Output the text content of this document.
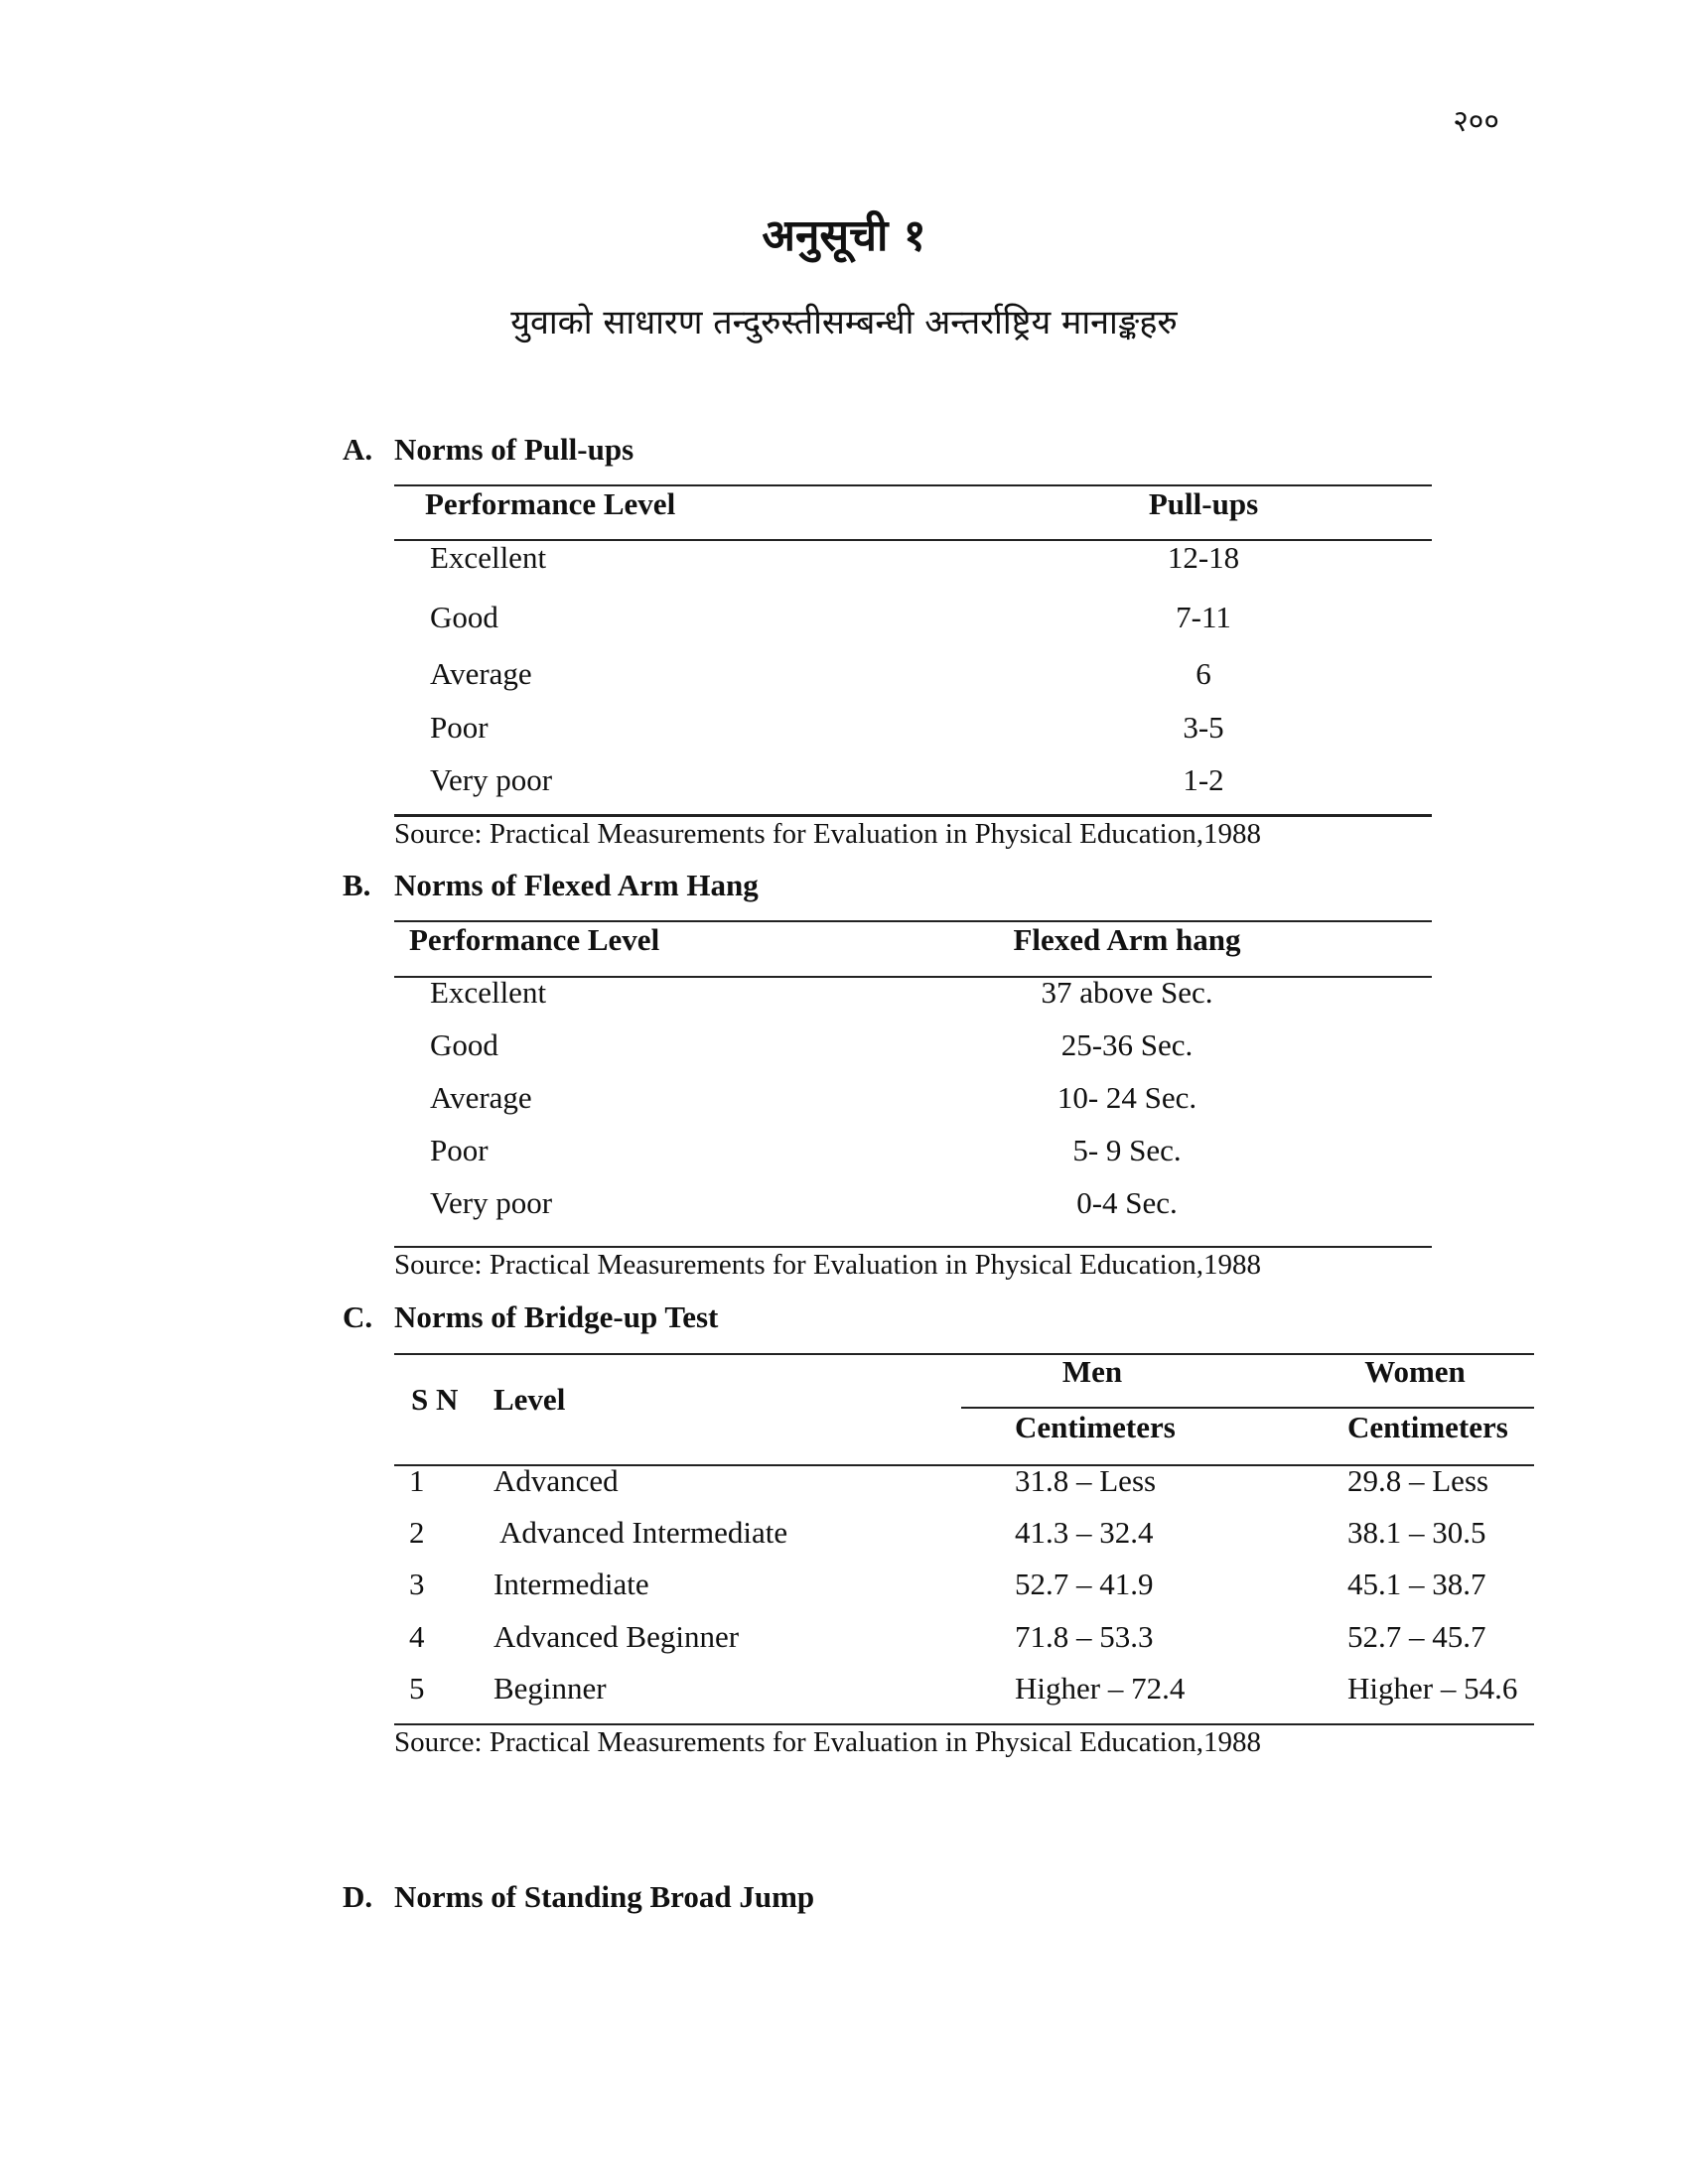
२००
अनुसूची १
युवाको साधारण तन्दुरुस्तीसम्बन्धी अन्तर्राष्ट्रिय मानाङ्कहरु
A. Norms of Pull-ups
Performance Level	Pull-ups
Excellent	12-18
Good	7-11
Average	6
Poor	3-5
Very poor	1-2
Source: Practical Measurements for Evaluation in Physical Education,1988
B. Norms of Flexed Arm Hang
Performance Level	Flexed Arm hang
Excellent	37 above Sec.
Good	25-36 Sec.
Average	10- 24 Sec.
Poor	5- 9 Sec.
Very poor	0-4 Sec.
Source: Practical Measurements for Evaluation in Physical Education,1988
C. Norms of Bridge-up Test
S N Level
Men	Women
Centimeters	Centimeters
1 Advanced	31.8 – Less	29.8 – Less
2 Advanced Intermediate	41.3 – 32.4	38.1 – 30.5
3 Intermediate	52.7 – 41.9	45.1 – 38.7
4 Advanced Beginner	71.8 – 53.3	52.7 – 45.7
5 Beginner	Higher – 72.4	Higher – 54.6
Source: Practical Measurements for Evaluation in Physical Education,1988
D. Norms of Standing Broad Jump
